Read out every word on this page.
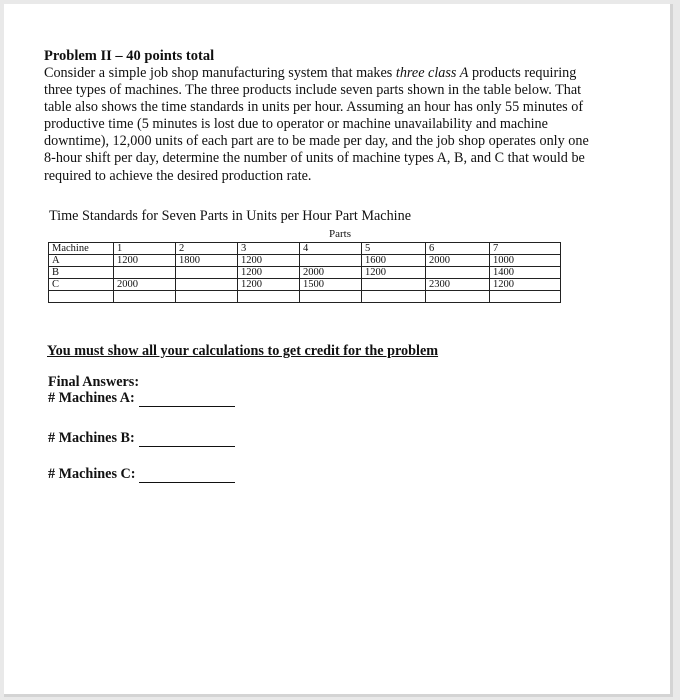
Problem II – 40 points total
Consider a simple job shop manufacturing system that makes three class A products requiring
three types of machines. The three products include seven parts shown in the table below. That
table also shows the time standards in units per hour. Assuming an hour has only 55 minutes of
productive time (5 minutes is lost due to operator or machine unavailability and machine
downtime), 12,000 units of each part are to be made per day, and the job shop operates only one
8-hour shift per day, determine the number of units of machine types A, B, and C that would be
required to achieve the desired production rate.
Time Standards for Seven Parts in Units per Hour Part Machine
Parts
Machine	1	2	3	4	5	6	7
A	1200	1800	1200		1600	2000	1000
B			1200	2000	1200		1400
C	2000		1200	1500		2300	1200

You must show all your calculations to get credit for the problem
Final Answers:
# Machines A:
# Machines B:
# Machines C:
